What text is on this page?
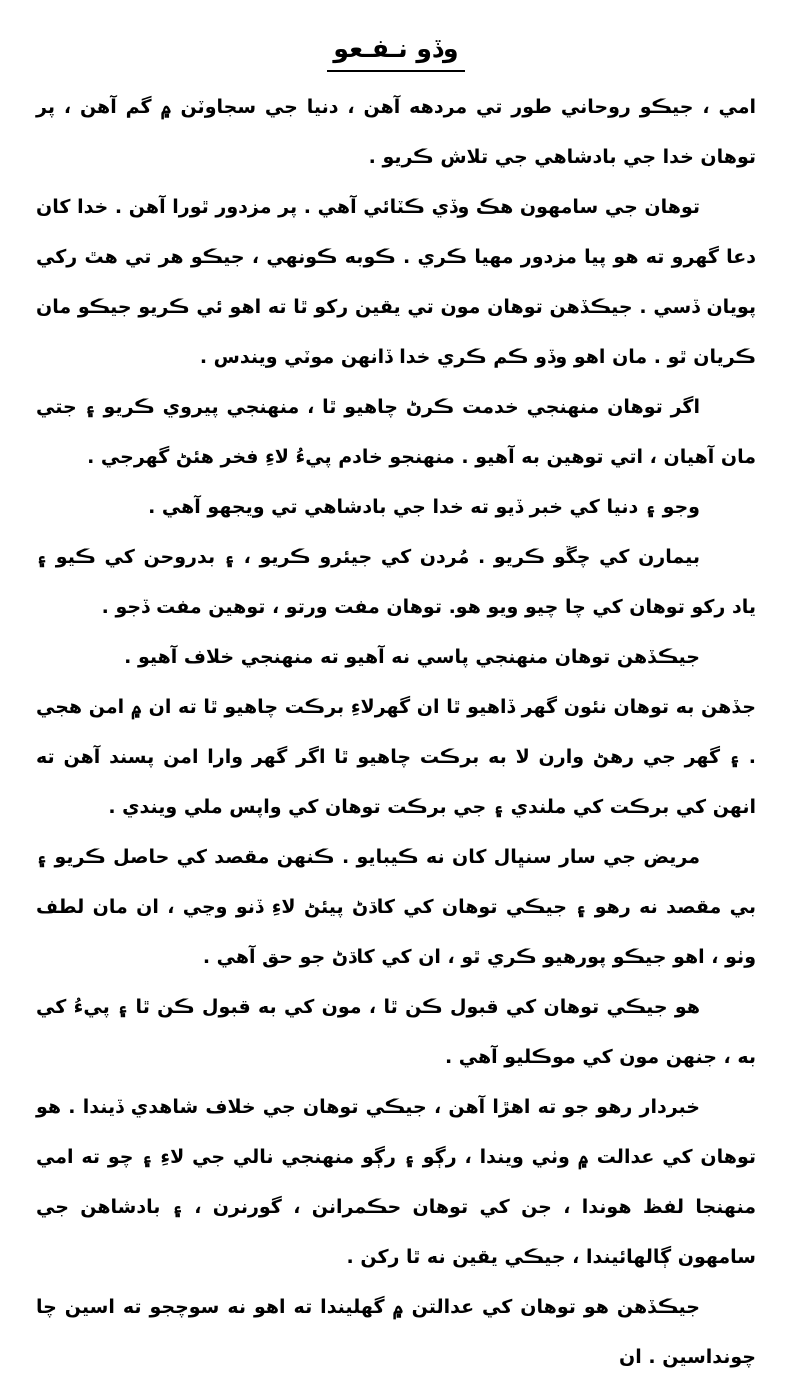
وڏو نـفـعو

امي ، جيڪو روحاني طور تي مردهه آهن ، دنيا جي سجاوٽن ۾ گم آهن ، پر توهان خدا جي بادشاهي جي تلاش ڪريو .

توهان جي سامهون هڪ وڏي ڪٽائي آهي . پر مزدور ٿورا آهن . خدا کان دعا گهرو ته هو پيا مزدور مهيا ڪري . ڪوبه ڪونهي ، جيڪو هر تي هٿ رکي پويان ڏسي . جيڪڏهن توهان مون تي يقين رکو ٿا ته اهو ئي ڪريو جيڪو مان ڪريان ٿو . مان اهو وڏو ڪم ڪري خدا ڏانهن موٽي ويندس .

اگر توهان منهنجي خدمت ڪرڻ چاهيو ٿا ، منهنجي پيروي ڪريو ۽ جتي مان آهيان ، اتي توهين به آهيو . منهنجو خادم پيءُ لاءِ فخر هئڻ گهرجي .

وجو ۽ دنيا کي خبر ڏيو ته خدا جي بادشاهي تي ويجهو آهي .

بيمارن کي چڱو ڪريو . مُردن کي جيئرو ڪريو ، ۽ بدروحن کي ڪيو ۽ ياد رکو توهان کي چا چيو ويو هو. توهان مفت ورتو ، توهين مفت ڏجو .

جيڪڏهن توهان منهنجي پاسي نه آهيو ته منهنجي خلاف آهيو .

جڏهن به توهان نئون گهر ڏاهيو ٿا ان گهرلاءِ برڪت چاهيو ٿا ته ان ۾ امن هجي . ۽ گهر جي رهڻ وارن لا به برڪت چاهيو ٿا اگر گهر وارا امن پسند آهن ته انهن کي برڪت کي ملندي ۽ جي برڪت توهان کي واپس ملي ويندي .

مريض جي سار سنڀال کان نه ڪيبايو . ڪنهن مقصد کي حاصل ڪريو ۽ بي مقصد نه رهو ۽ جيڪي توهان کي کاڌڻ پيئڻ لاءِ ڏنو وڃي ، ان مان لطف وٺو ، اهو جيڪو پورهيو ڪري ٿو ، ان کي کاڌڻ جو حق آهي .

هو جيڪي توهان کي قبول ڪن ٿا ، مون کي به قبول ڪن ٿا ۽ پيءُ کي به ، جنهن مون کي موڪليو آهي .

خبردار رهو جو ته اهڙا آهن ، جيڪي توهان جي خلاف شاهدي ڏيندا . هو توهان کي عدالت ۾ وٺي ويندا ، رڳو ۽ رڳو منهنجي نالي جي لاءِ ۽ چو ته امي منهنجا لفظ هوندا ، جن کي توهان حڪمرانن ، گورنرن ، ۽ بادشاهن جي سامهون ڳالهائيندا ، جيڪي يقين نه ٿا رکن .

جيڪڏهن هو توهان کي عدالتن ۾ گهليندا ته اهو نه سوچجو ته اسين چا چونداسين . ان
